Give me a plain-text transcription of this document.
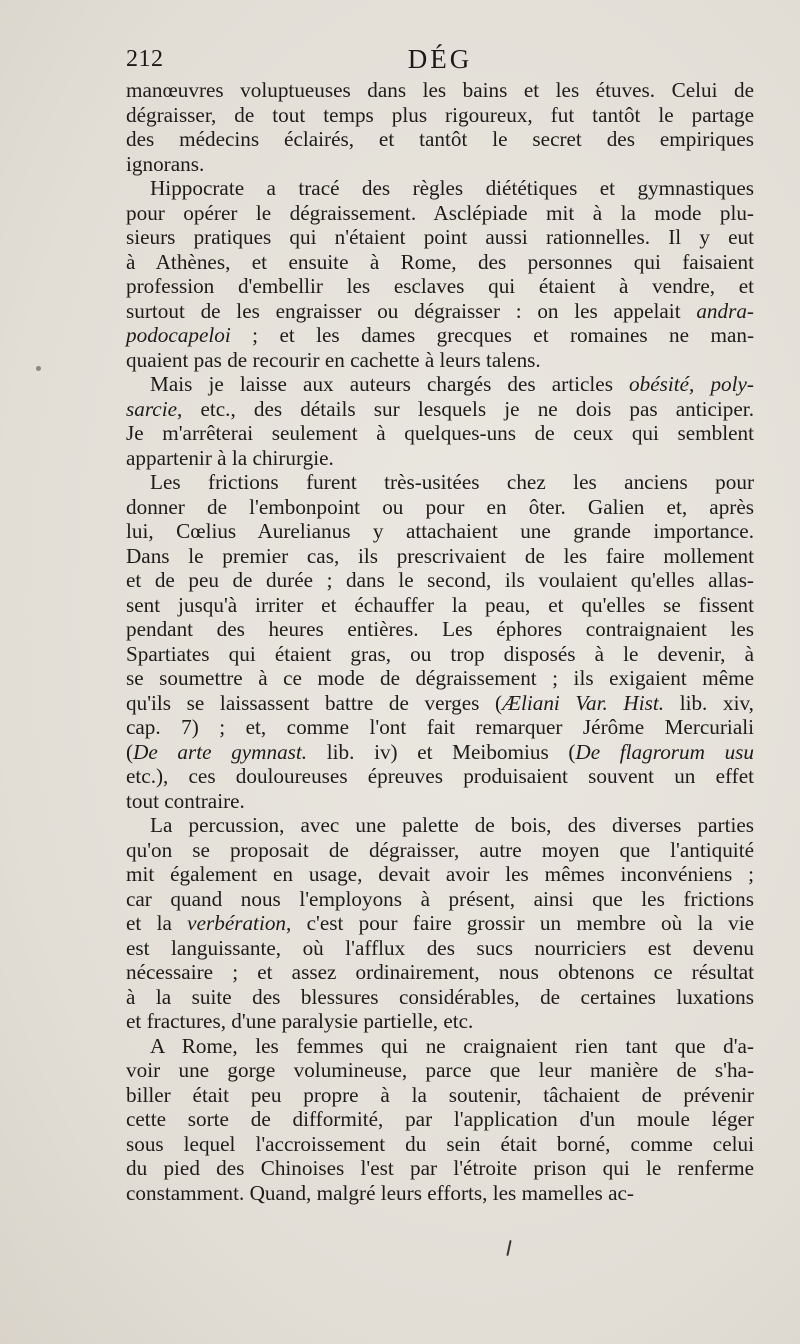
212	DÉG
manœuvres voluptueuses dans les bains et les étuves. Celui de
dégraisser, de tout temps plus rigoureux, fut tantôt le partage
des médecins éclairés, et tantôt le secret des empiriques
ignorans.
Hippocrate a tracé des règles diététiques et gymnastiques
pour opérer le dégraissement. Asclépiade mit à la mode plu-
sieurs pratiques qui n'étaient point aussi rationnelles. Il y eut
à Athènes, et ensuite à Rome, des personnes qui faisaient
profession d'embellir les esclaves qui étaient à vendre, et
surtout de les engraisser ou dégraisser : on les appelait andra-
podocapeloi ; et les dames grecques et romaines ne man-
quaient pas de recourir en cachette à leurs talens.
Mais je laisse aux auteurs chargés des articles obésité, poly-
sarcie, etc., des détails sur lesquels je ne dois pas anticiper.
Je m'arrêterai seulement à quelques-uns de ceux qui semblent
appartenir à la chirurgie.
Les frictions furent très-usitées chez les anciens pour
donner de l'embonpoint ou pour en ôter. Galien et, après
lui, Cœlius Aurelianus y attachaient une grande importance.
Dans le premier cas, ils prescrivaient de les faire mollement
et de peu de durée ; dans le second, ils voulaient qu'elles allas-
sent jusqu'à irriter et échauffer la peau, et qu'elles se fissent
pendant des heures entières. Les éphores contraignaient les
Spartiates qui étaient gras, ou trop disposés à le devenir, à
se soumettre à ce mode de dégraissement ; ils exigaient même
qu'ils se laissassent battre de verges (Æliani Var. Hist. lib. xiv,
cap. 7) ; et, comme l'ont fait remarquer Jérôme Mercuriali
(De arte gymnast. lib. iv) et Meibomius (De flagrorum usu
etc.), ces douloureuses épreuves produisaient souvent un effet
tout contraire.
La percussion, avec une palette de bois, des diverses parties
qu'on se proposait de dégraisser, autre moyen que l'antiquité
mit également en usage, devait avoir les mêmes inconvéniens ;
car quand nous l'employons à présent, ainsi que les frictions
et la verbération, c'est pour faire grossir un membre où la vie
est languissante, où l'afflux des sucs nourriciers est devenu
nécessaire ; et assez ordinairement, nous obtenons ce résultat
à la suite des blessures considérables, de certaines luxations
et fractures, d'une paralysie partielle, etc.
A Rome, les femmes qui ne craignaient rien tant que d'a-
voir une gorge volumineuse, parce que leur manière de s'ha-
biller était peu propre à la soutenir, tâchaient de prévenir
cette sorte de difformité, par l'application d'un moule léger
sous lequel l'accroissement du sein était borné, comme celui
du pied des Chinoises l'est par l'étroite prison qui le renferme
constamment. Quand, malgré leurs efforts, les mamelles ac-
